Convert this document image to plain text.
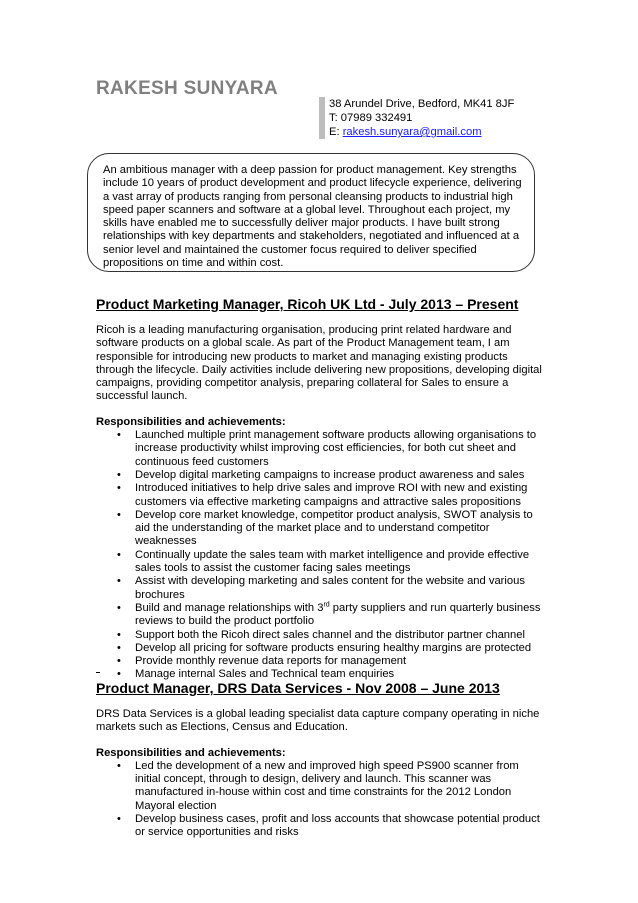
RAKESH SUNYARA
38 Arundel Drive, Bedford, MK41 8JF
T: 07989 332491
E: rakesh.sunyara@gmail.com
An ambitious manager with a deep passion for product management. Key strengths include 10 years of product development and product lifecycle experience, delivering a vast array of products ranging from personal cleansing products to industrial high speed paper scanners and software at a global level. Throughout each project, my skills have enabled me to successfully deliver major products. I have built strong relationships with key departments and stakeholders, negotiated and influenced at a senior level and maintained the customer focus required to deliver specified propositions on time and within cost.
Product Marketing Manager, Ricoh UK Ltd - July 2013 – Present

Ricoh is a leading manufacturing organisation, producing print related hardware and software products on a global scale. As part of the Product Management team, I am responsible for introducing new products to market and managing existing products through the lifecycle. Daily activities include delivering new propositions, developing digital campaigns, providing competitor analysis, preparing collateral for Sales to ensure a successful launch.

Responsibilities and achievements:

• Launched multiple print management software products allowing organisations to increase productivity whilst improving cost efficiencies, for both cut sheet and continuous feed customers
• Develop digital marketing campaigns to increase product awareness and sales
• Introduced initiatives to help drive sales and improve ROI with new and existing customers via effective marketing campaigns and attractive sales propositions
• Develop core market knowledge, competitor product analysis, SWOT analysis to aid the understanding of the market place and to understand competitor weaknesses
• Continually update the sales team with market intelligence and provide effective sales tools to assist the customer facing sales meetings
• Assist with developing marketing and sales content for the website and various brochures
• Build and manage relationships with 3rd party suppliers and run quarterly business reviews to build the product portfolio
• Support both the Ricoh direct sales channel and the distributor partner channel
• Develop all pricing for software products ensuring healthy margins are protected
• Provide monthly revenue data reports for management
• Manage internal Sales and Technical team enquiries
Product Manager, DRS Data Services - Nov 2008 – June 2013

DRS Data Services is a global leading specialist data capture company operating in niche markets such as Elections, Census and Education.

Responsibilities and achievements:

• Led the development of a new and improved high speed PS900 scanner from initial concept, through to design, delivery and launch. This scanner was manufactured in-house within cost and time constraints for the 2012 London Mayoral election
• Develop business cases, profit and loss accounts that showcase potential product or service opportunities and risks
